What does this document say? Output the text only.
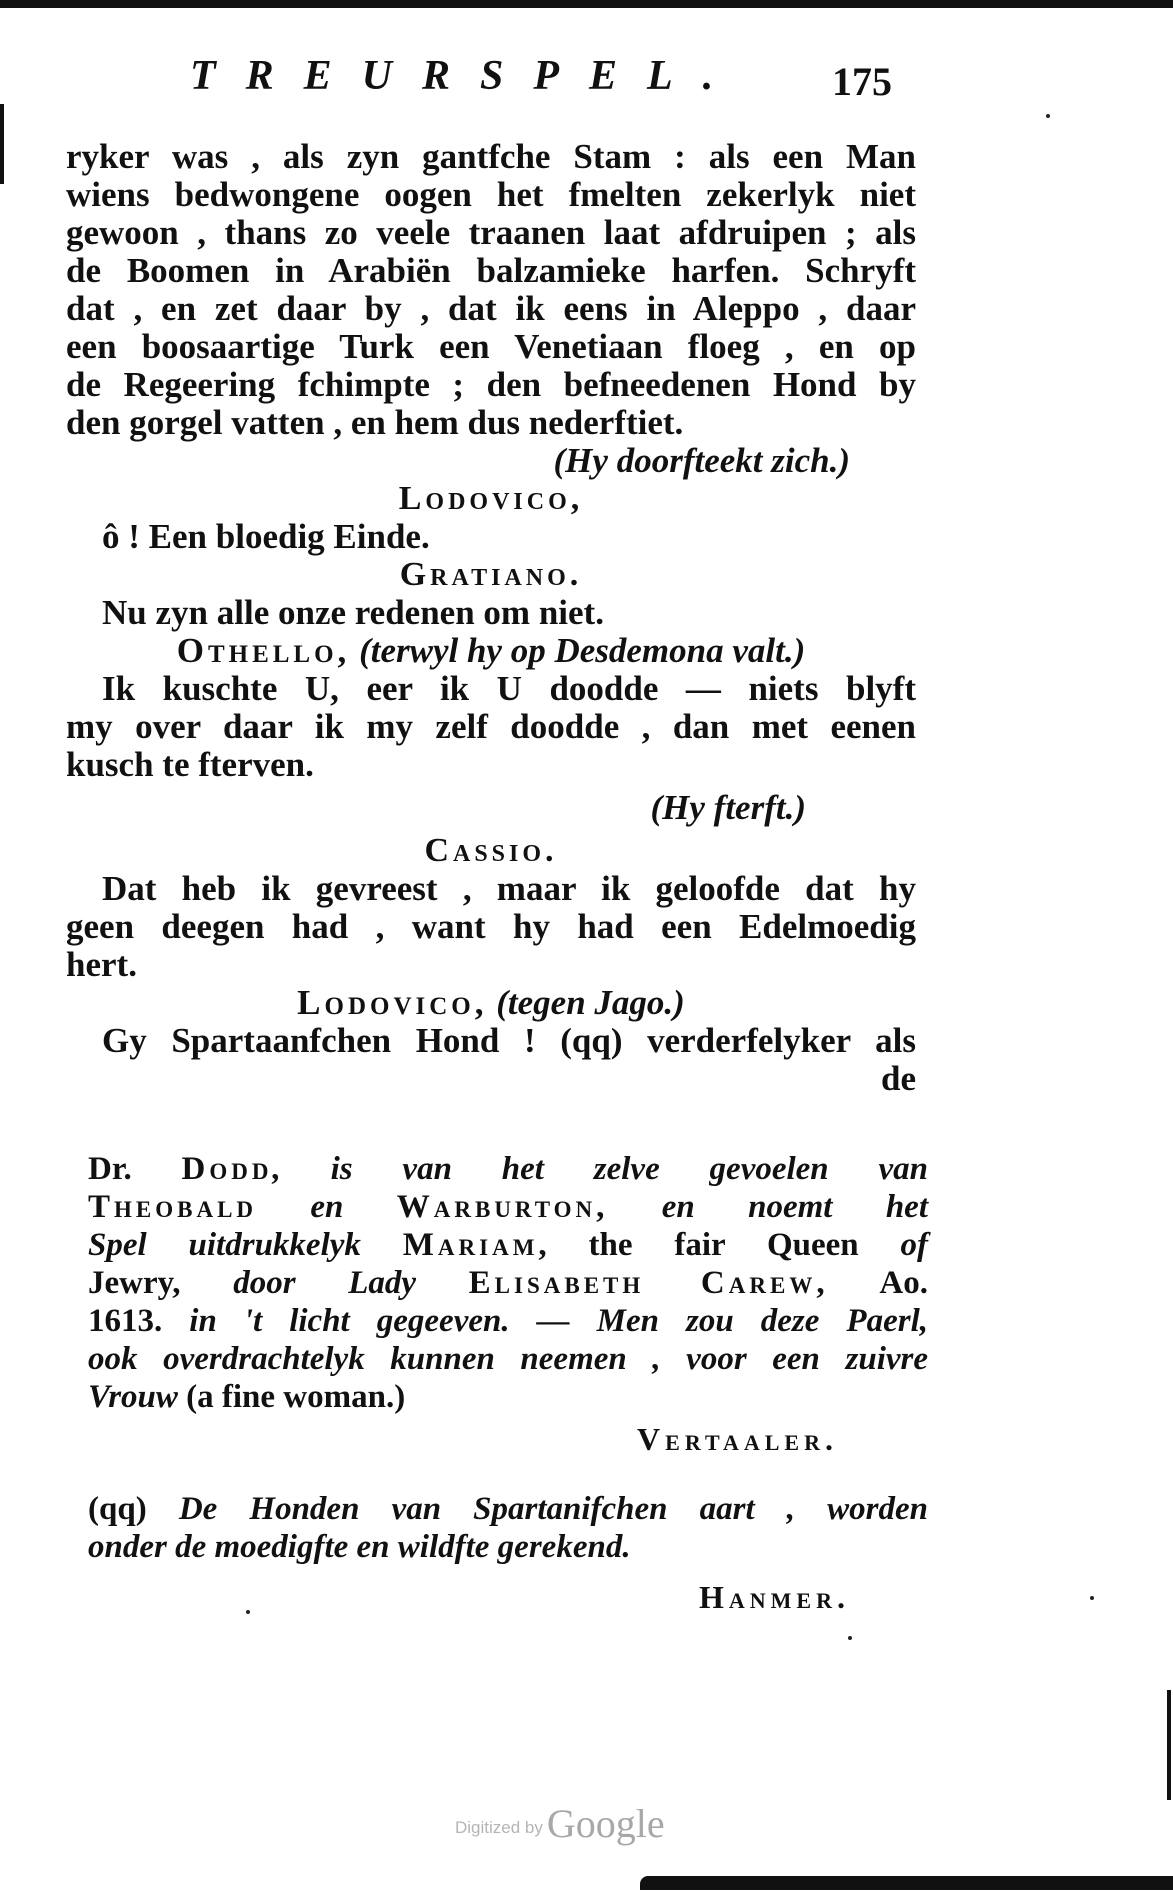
TREURSPEL. 175
ryker was , als zyn gantfche Stam : als een Man
wiens bedwongene oogen het fmelten zekerlyk niet
gewoon , thans zo veele traanen laat afdruipen ; als
de Boomen in Arabiën balzamieke harfen. Schryft
dat , en zet daar by , dat ik eens in Aleppo , daar
een boosaartige Turk een Venetiaan floeg , en op
de Regeering fchimpte ; den befneedenen Hond by
den gorgel vatten , en hem dus nederftiet.
(Hy doorfteekt zich.)
Lodovico,
ô ! Een bloedig Einde.
Gratiano.
Nu zyn alle onze redenen om niet.
Othello, (terwyl hy op Desdemona valt.)
Ik kuschte U, eer ik U doodde — niets blyft
my over daar ik my zelf doodde , dan met eenen
kusch te fterven.
(Hy fterft.)
Cassio.
Dat heb ik gevreest , maar ik geloofde dat hy
geen deegen had , want hy had een Edelmoedig
hert.
Lodovico, (tegen Jago.)
Gy Spartaanfchen Hond ! (qq) verderfelyker als
de
Dr. Dodd, is van het zelve gevoelen van
Theobald en Warburton, en noemt het
Spel uitdrukkelyk Mariam, the fair Queen of
Jewry, door Lady Elisabeth Carew, Ao.
1613. in 't licht gegeeven. — Men zou deze Paerl,
ook overdrachtelyk kunnen neemen , voor een zuivre
Vrouw (a fine woman.)
Vertaaler.
(qq) De Honden van Spartanifchen aart , worden
onder de moedigfte en wildfte gerekend.
Hanmer.
Digitized by Google
